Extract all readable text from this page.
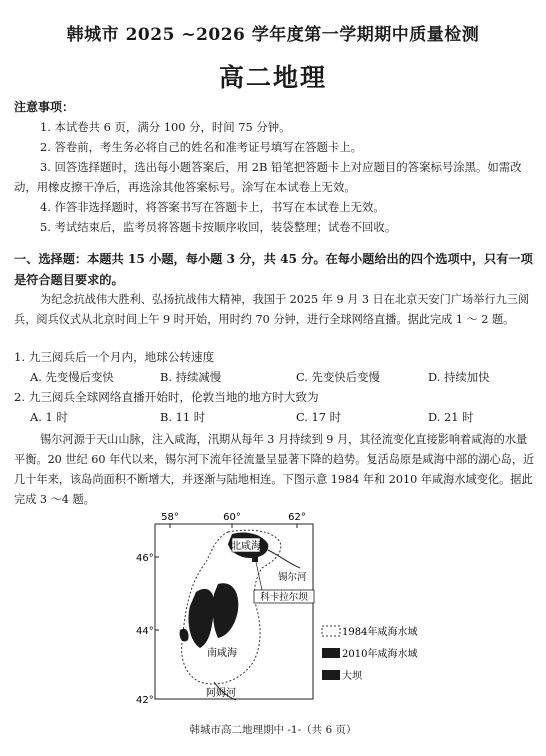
韩城市 2025 ~2026 学年度第一学期期中质量检测
高二地理
注意事项：

1. 本试卷共 6 页，满分 100 分，时间 75 分钟。

2. 答卷前，考生务必将自己的姓名和准考证号填写在答题卡上。

3. 回答选择题时，选出每小题答案后，用 2B 铅笔把答题卡上对应题目的答案标号涂黑。如需改动，用橡皮擦干净后，再选涂其他答案标号。涂写在本试卷上无效。

4. 作答非选择题时，将答案书写在答题卡上，书写在本试卷上无效。

5. 考试结束后，监考员将答题卡按顺序收回，装袋整理；试卷不回收。

一、选择题：本题共 15 小题，每小题 3 分，共 45 分。在每小题给出的四个选项中，只有一项是符合题目要求的。
为纪念抗战伟大胜利、弘扬抗战伟大精神，我国于 2025 年 9 月 3 日在北京天安门广场举行九三阅兵，阅兵仪式从北京时间上午 9 时开始，用时约 70 分钟，进行全球网络直播。据此完成 1 ～ 2 题。
1. 九三阅兵后一个月内，地球公转速度
A. 先变慢后变快	B. 持续减慢	C. 先变快后变慢	D. 持续加快
2. 九三阅兵全球网络直播开始时，伦敦当地的地方时大致为
A. 1 时	B. 11 时	C. 17 时	D. 21 时
锡尔河源于天山山脉，注入咸海，汛期从每年 3 月持续到 9 月，其径流变化直接影响着咸海的水量平衡。20 世纪 60 年代以来，锡尔河下流年径流量呈显著下降的趋势。复活岛原是咸海中部的湖心岛，近几十年来，该岛尚面积不断增大，并逐渐与陆地相连。下图示意 1984 年和 2010 年咸海水域变化。据此完成 3 ～4 题。
58°	60°	62°
46°
44°
42°
北咸海
锡尔河
科卡拉尔坝
南咸海
阿姆河
1984年咸海水域
2010年咸海水域
大坝
韩城市高二地理期中 -1-（共 6 页）
